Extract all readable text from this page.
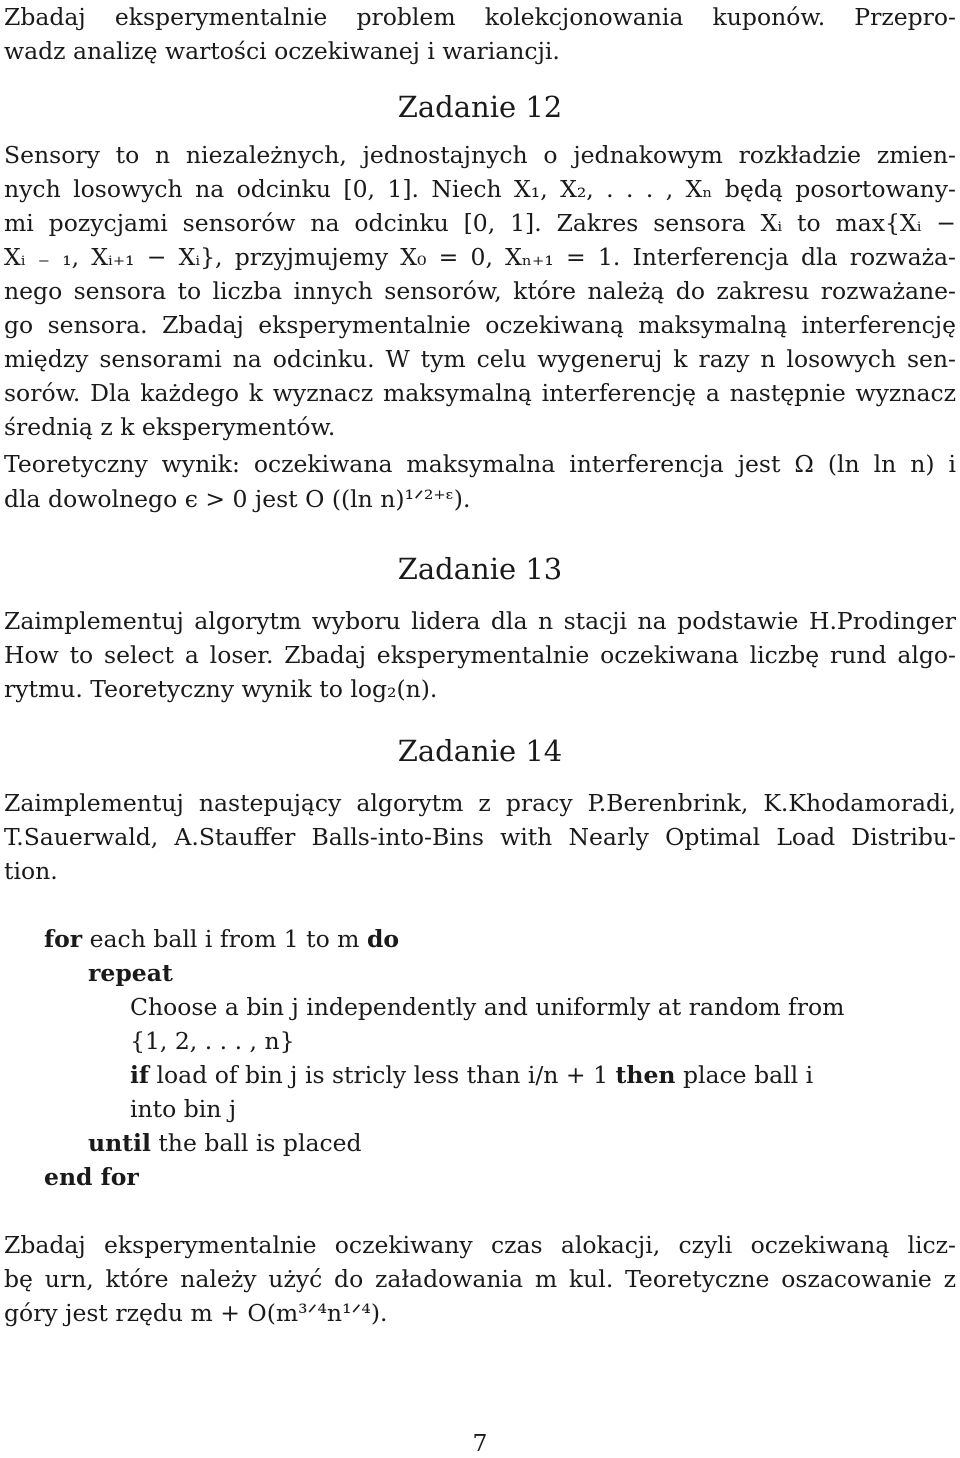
Zbadaj eksperymentalnie problem kolekcjonowania kuponów. Przepro-
wadz analizę wartości oczekiwanej i wariancji.
Zadanie 12
Sensory to n niezależnych, jednostajnych o jednakowym rozkładzie zmien-
nych losowych na odcinku [0, 1]. Niech X₁, X₂, . . . , Xₙ będą posortowany-
mi pozycjami sensorów na odcinku [0, 1]. Zakres sensora Xᵢ to max{Xᵢ −
Xᵢ ₋ ₁, Xᵢ₊₁ − Xᵢ}, przyjmujemy X₀ = 0, Xₙ₊₁ = 1. Interferencja dla rozważa-
nego sensora to liczba innych sensorów, które należą do zakresu rozważane-
go sensora. Zbadaj eksperymentalnie oczekiwaną maksymalną interferencję
między sensorami na odcinku. W tym celu wygeneruj k razy n losowych sen-
sorów. Dla każdego k wyznacz maksymalną interferencję a następnie wyznacz
średnią z k eksperymentów.
Teoretyczny wynik: oczekiwana maksymalna interferencja jest Ω (ln ln n) i
dla dowolnego ϵ > 0 jest O ((ln n)¹ᐟ²⁺ᵋ).
Zadanie 13
Zaimplementuj algorytm wyboru lidera dla n stacji na podstawie H.Prodinger
How to select a loser. Zbadaj eksperymentalnie oczekiwana liczbę rund algo-
rytmu. Teoretyczny wynik to log₂(n).
Zadanie 14
Zaimplementuj nastepujący algorytm z pracy P.Berenbrink, K.Khodamoradi,
T.Sauerwald, A.Stauffer Balls-into-Bins with Nearly Optimal Load Distribu-
tion.
for each ball i from 1 to m do
repeat
Choose a bin j independently and uniformly at random from
{1, 2, . . . , n}
if load of bin j is stricly less than i/n + 1 then place ball i
into bin j
until the ball is placed
end for
Zbadaj eksperymentalnie oczekiwany czas alokacji, czyli oczekiwaną licz-
bę urn, które należy użyć do załadowania m kul. Teoretyczne oszacowanie z
góry jest rzędu m + O(m³ᐟ⁴n¹ᐟ⁴).
7
